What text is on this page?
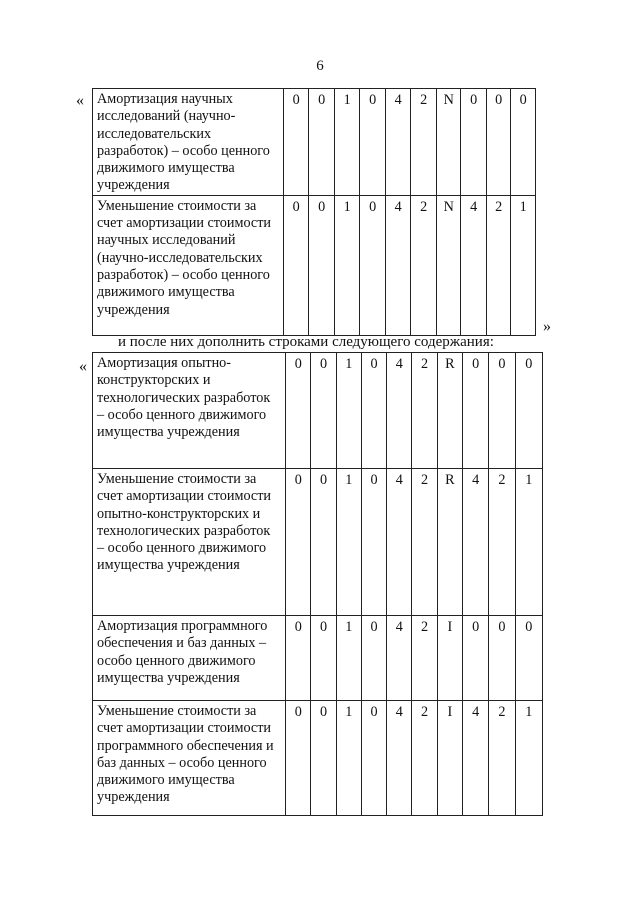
6
« Амортизация научных исследований (научно-исследовательских разработок) – особо ценного движимого имущества учреждения	0	0	1	0	4	2	N	0	0	0
Уменьшение стоимости за счет амортизации стоимости научных исследований (научно-исследовательских разработок) – особо ценного движимого имущества учреждения	0	0	1	0	4	2	N	4	2	1
»
и после них дополнить строками следующего содержания:
« Амортизация опытно-конструкторских и технологических разработок – особо ценного движимого имущества учреждения	0	0	1	0	4	2	R	0	0	0
Уменьшение стоимости за счет амортизации стоимости опытно-конструкторских и технологических разработок – особо ценного движимого имущества учреждения	0	0	1	0	4	2	R	4	2	1
Амортизация программного обеспечения и баз данных – особо ценного движимого имущества учреждения	0	0	1	0	4	2	I	0	0	0
Уменьшение стоимости за счет амортизации стоимости программного обеспечения и баз данных – особо ценного движимого имущества учреждения	0	0	1	0	4	2	I	4	2	1
